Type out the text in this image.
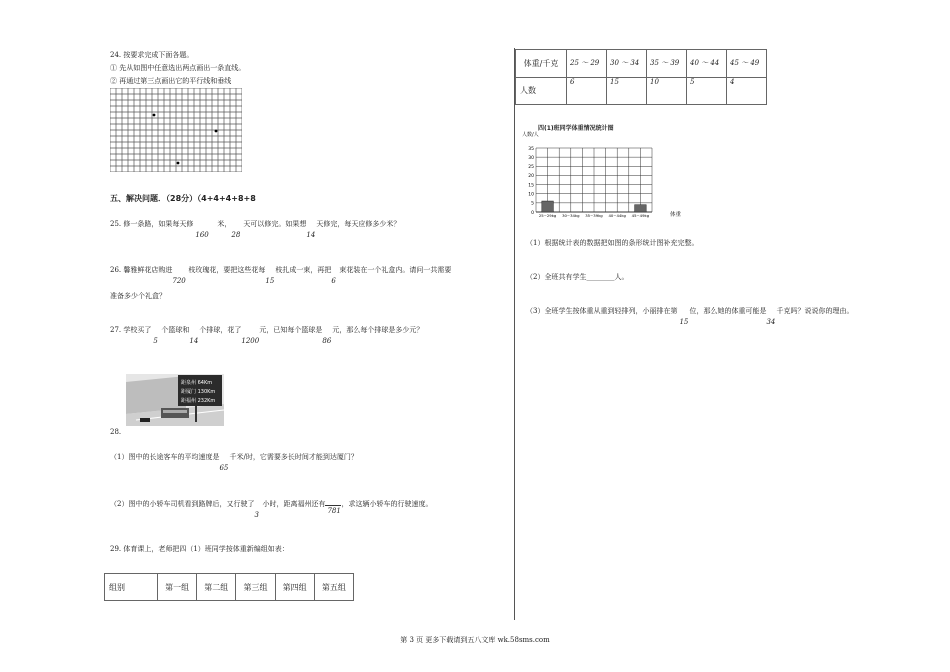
24. 按要求完成下面各题。
① 先从如图中任意选出两点画出一条直线。
② 再通过第三点画出它的平行线和垂线
五、解决问题．（28分）（4+4+4+8+8
25. 修一条路，如果每天修
160
米，
28
天可以修完。如果想
14
天修完，每天应修多少米？
26. 馨雅鲜花店购进
720
枝玫瑰花，要把这些花每
15
枝扎成一束，再把
6
束花装在一个礼盒内。请问一共需要
准备多少个礼盒？
27. 学校买了
5
个篮球和
14
个排球，花了
1200
元，已知每个篮球是
86
元，那么每个排球是多少元？
距泉州 64Km
距厦门 130Km
距福州 232Km
28.
（1）图中的长途客车的平均速度是
65
千米/时，它需要多长时间才能到达厦门？
（2）图中的小轿车司机看到路牌后，又行驶了
3
小时，距离福州还有
781
，求这辆小轿车的行驶速度。
29. 体育课上，老师把四（1）班同学按体重新编组如表：
组别	第一组	第二组	第三组	第四组	第五组
体重/千克	25 ～ 29	30 ～ 34	35 ～ 39	40 ～ 44	45 ～ 49
人数	6	15	10	5	4
四(1)班同学体重情况统计图
人数/人
体重
35
30
25
20
15
10
5
0 25~29kg 30~34kg 35~39kg 40~44kg 45~49kg
（1）根据统计表的数据把如图的条形统计图补充完整。
（2）全班共有学生________人。
（3）全班学生按体重从重到轻排列，小丽排在第
15
位，那么她的体重可能是
34
千克吗？说说你的理由。
第 3 页 更多下载请到五八文库 wk.58sms.com
